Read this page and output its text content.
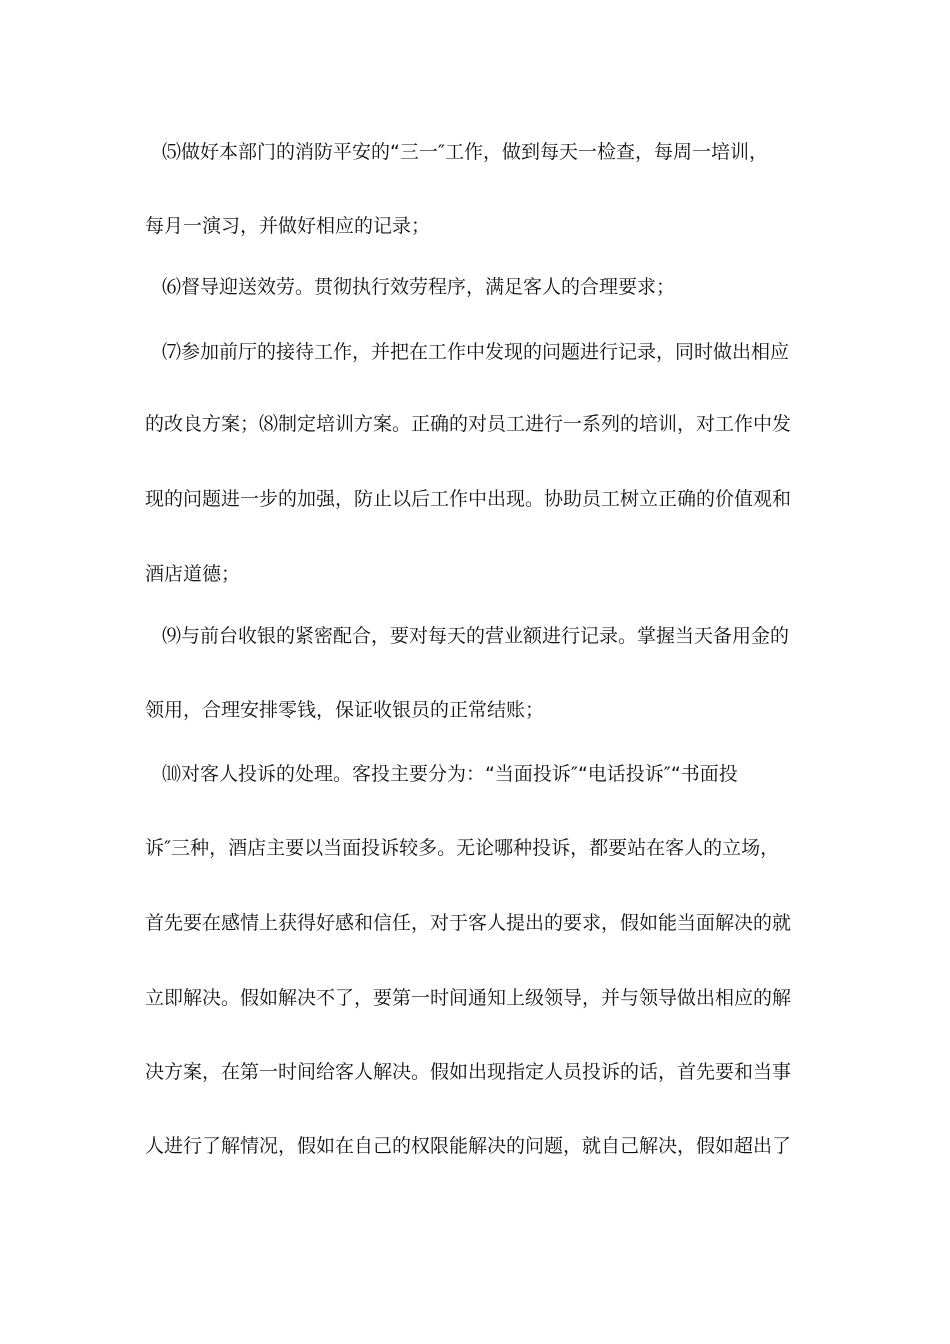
⑸做好本部门的消防平安的“三一″工作，做到每天一检查，每周一培训，
每月一演习，并做好相应的记录；
⑹督导迎送效劳。贯彻执行效劳程序，满足客人的合理要求；
⑺参加前厅的接待工作，并把在工作中发现的问题进行记录，同时做出相应
的改良方案；⑻制定培训方案。正确的对员工进行一系列的培训，对工作中发
现的问题进一步的加强，防止以后工作中出现。协助员工树立正确的价值观和
酒店道德；
⑼与前台收银的紧密配合，要对每天的营业额进行记录。掌握当天备用金的
领用，合理安排零钱，保证收银员的正常结账；
⑽对客人投诉的处理。客投主要分为：“当面投诉″“电话投诉″“书面投
诉″三种，酒店主要以当面投诉较多。无论哪种投诉，都要站在客人的立场，
首先要在感情上获得好感和信任，对于客人提出的要求，假如能当面解决的就
立即解决。假如解决不了，要第一时间通知上级领导，并与领导做出相应的解
决方案，在第一时间给客人解决。假如出现指定人员投诉的话，首先要和当事
人进行了解情况，假如在自己的权限能解决的问题，就自己解决，假如超出了
